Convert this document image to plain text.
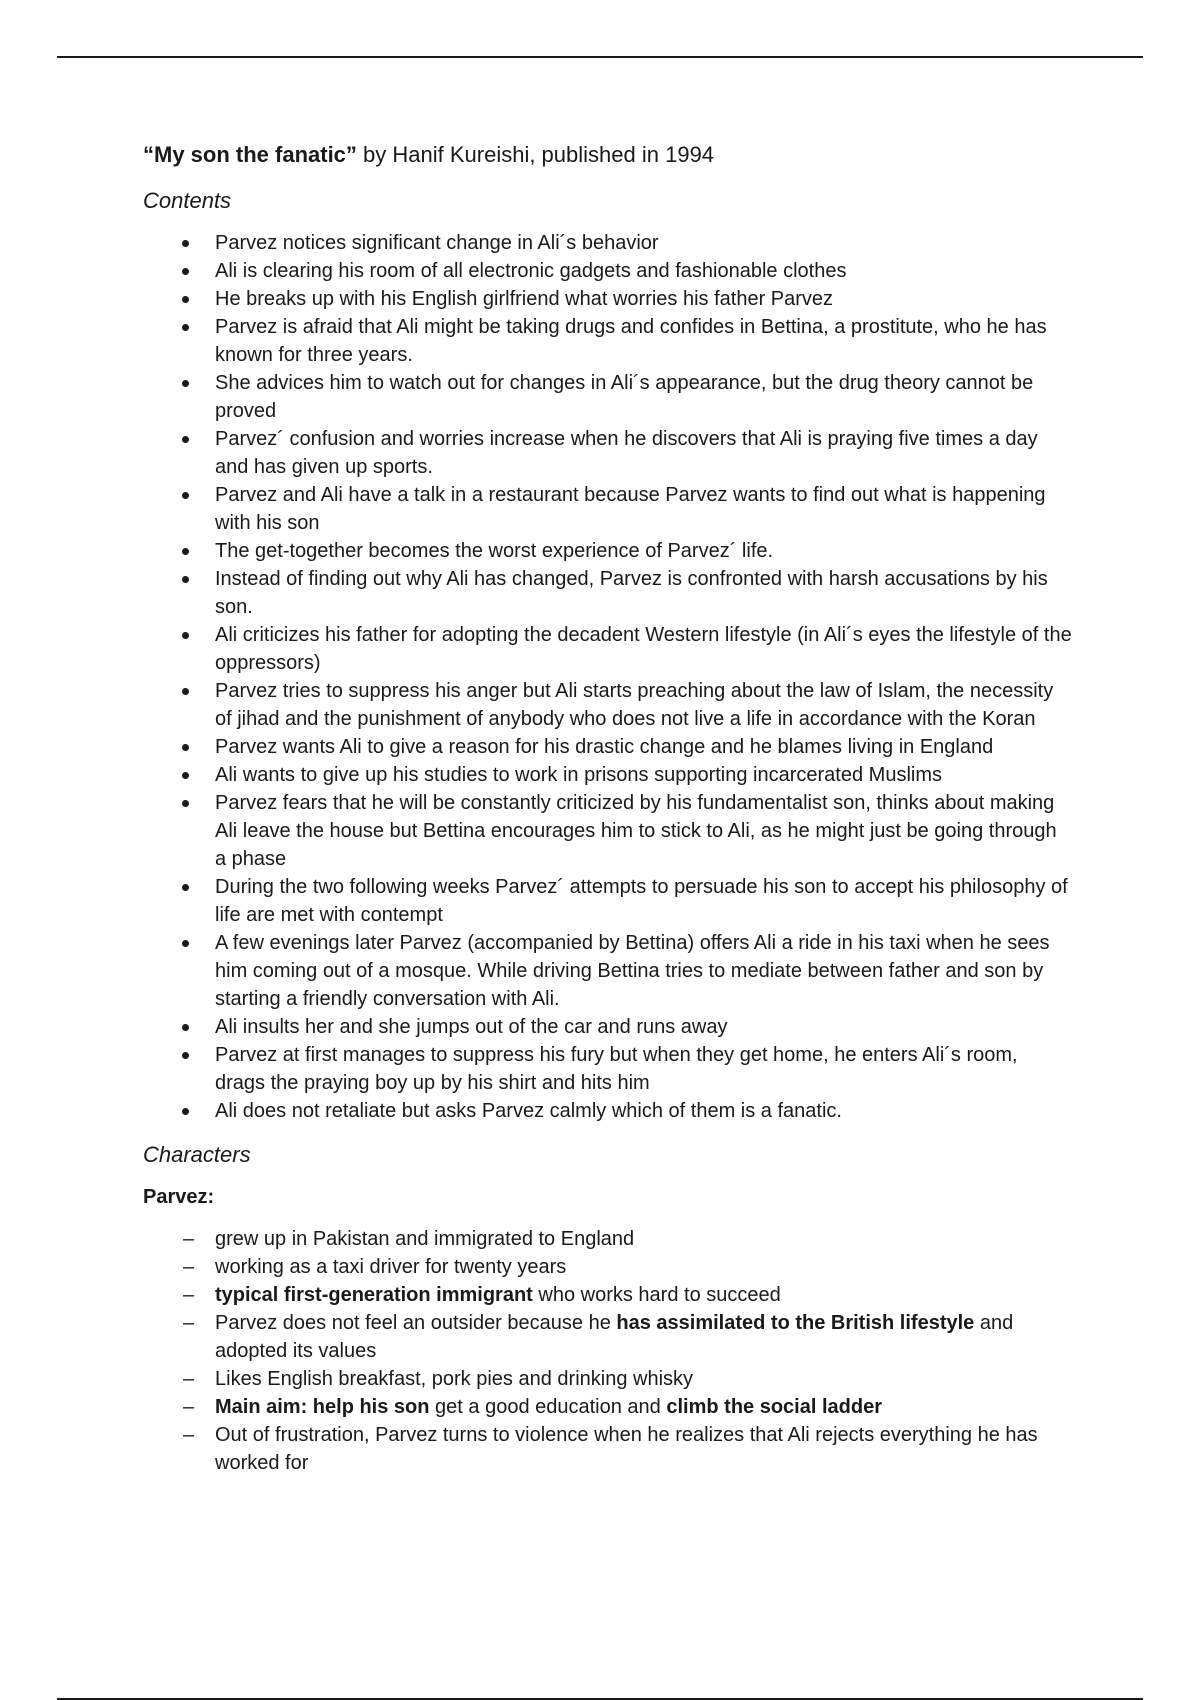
“My son the fanatic” by Hanif Kureishi, published in 1994
Contents
Parvez notices significant change in Ali´s behavior
Ali is clearing his room of all electronic gadgets and fashionable clothes
He breaks up with his English girlfriend what worries his father Parvez
Parvez is afraid that Ali might be taking drugs and confides in Bettina, a prostitute, who he has known for three years.
She advices him to watch out for changes in Ali´s appearance, but the drug theory cannot be proved
Parvez´ confusion and worries increase when he discovers that Ali is praying five times a day and has given up sports.
Parvez and Ali have a talk in a restaurant because Parvez wants to find out what is happening with his son
The get-together becomes the worst experience of Parvez´ life.
Instead of finding out why Ali has changed, Parvez is confronted with harsh accusations by his son.
Ali criticizes his father for adopting the decadent Western lifestyle (in Ali´s eyes the lifestyle of the oppressors)
Parvez tries to suppress his anger but Ali starts preaching about the law of Islam, the necessity of jihad and the punishment of anybody who does not live a life in accordance with the Koran
Parvez wants Ali to give a reason for his drastic change and he blames living in England
Ali wants to give up his studies to work in prisons supporting incarcerated Muslims
Parvez fears that he will be constantly criticized by his fundamentalist son, thinks about making Ali leave the house but Bettina encourages him to stick to Ali, as he might just be going through a phase
During the two following weeks Parvez´ attempts to persuade his son to accept his philosophy of life are met with contempt
A few evenings later Parvez (accompanied by Bettina) offers Ali a ride in his taxi when he sees him coming out of a mosque. While driving Bettina tries to mediate between father and son by starting a friendly conversation with Ali.
Ali insults her and she jumps out of the car and runs away
Parvez at first manages to suppress his fury but when they get home, he enters Ali´s room, drags the praying boy up by his shirt and hits him
Ali does not retaliate but asks Parvez calmly which of them is a fanatic.
Characters
Parvez:
– grew up in Pakistan and immigrated to England
– working as a taxi driver for twenty years
– typical first-generation immigrant who works hard to succeed
– Parvez does not feel an outsider because he has assimilated to the British lifestyle and adopted its values
– Likes English breakfast, pork pies and drinking whisky
– Main aim: help his son get a good education and climb the social ladder
– Out of frustration, Parvez turns to violence when he realizes that Ali rejects everything he has worked for
